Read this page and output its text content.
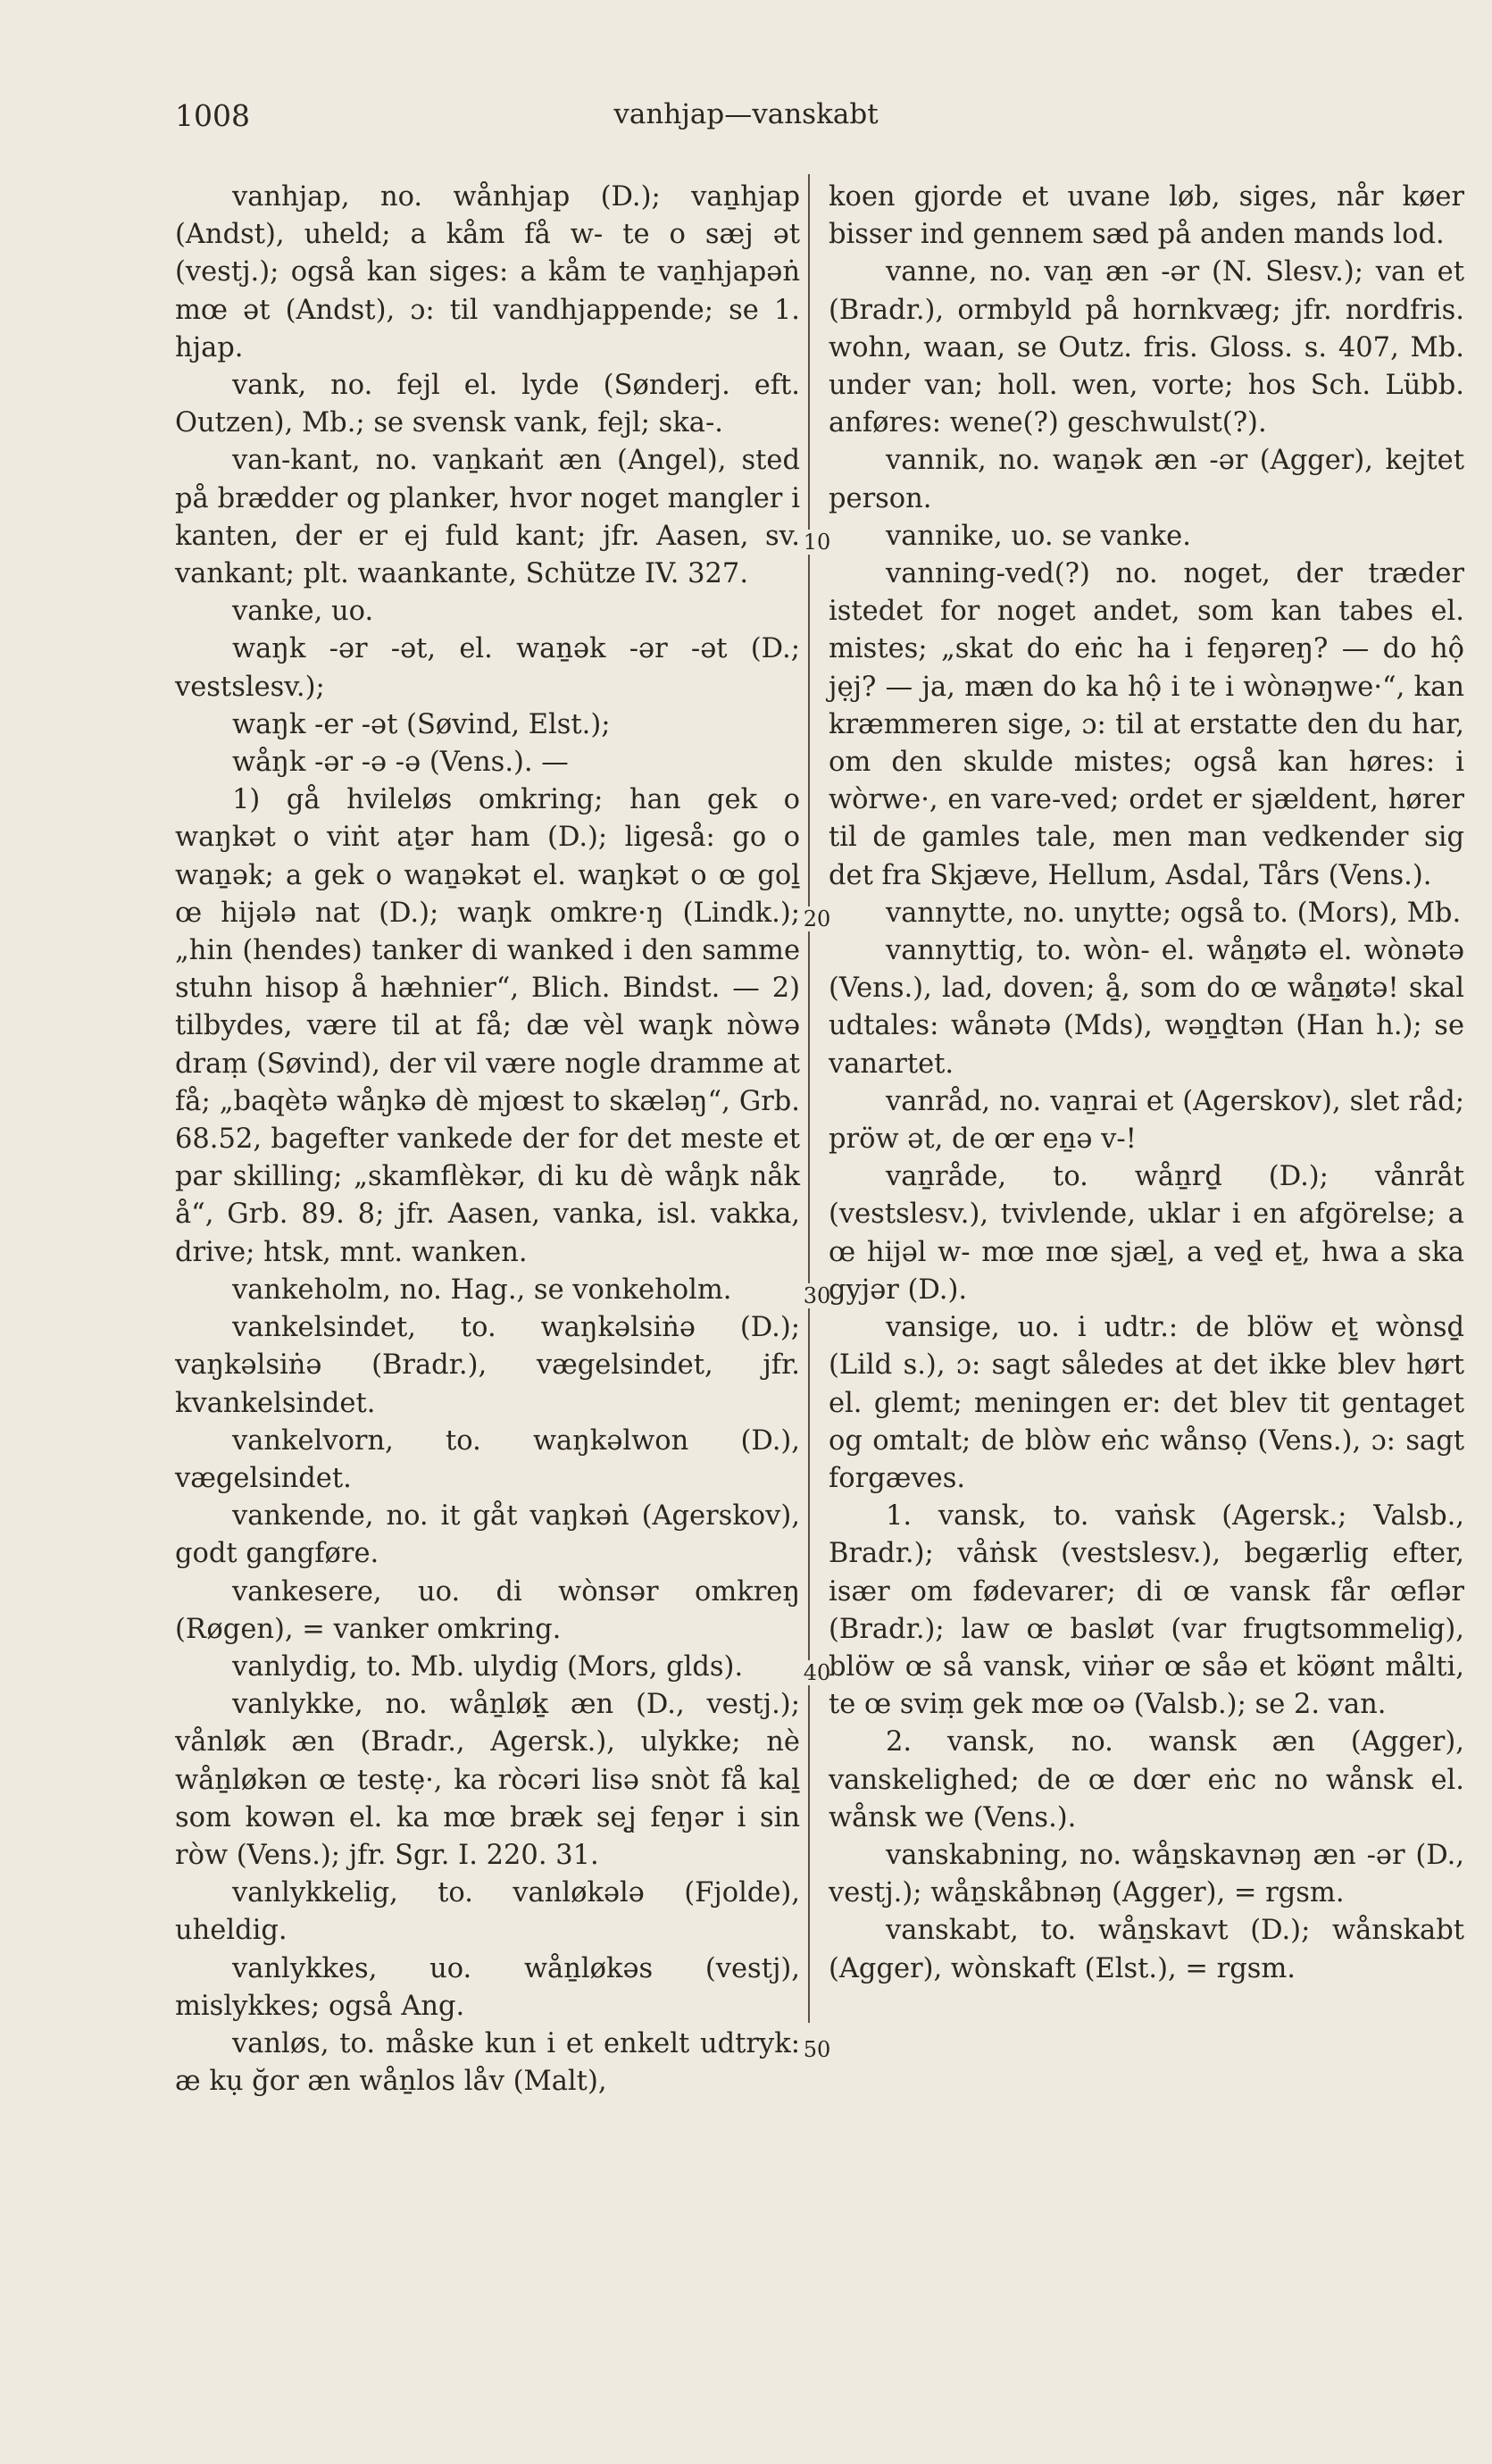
1008	vanhjap—vanskabt
10
20
30
40
50

vanhjap, no. wånhjap (D.); vaṉhjap (Andst), uheld; a kåm få w- te o sæj ət (vestj.); også kan siges: a kåm te vaṉhjapəṅ mœ ət (Andst), ɔ: til vandhjappende; se 1. hjap.

vank, no. fejl el. lyde (Sønderj. eft. Outzen), Mb.; se svensk vank, fejl; ska-.

van-kant, no. vaṉkaṅt æn (Angel), sted på brædder og planker, hvor noget mangler i kanten, der er ej fuld kant; jfr. Aasen, sv. vankant; plt. waankante, Schütze IV. 327.

vanke, uo.

waŋk -ər -ət, el. waṉək -ər -ət (D.; vestslesv.);

waŋk -er -ət (Søvind, Elst.);

wåŋk -ər -ə -ə (Vens.). —

1) gå hvileløs omkring; han gek o waŋkət o viṅt aṯər ham (D.); ligeså: go o waṉək; a gek o waṉəkət el. waŋkət o œ goḻ œ hijələ nat (D.); waŋk omkre·ŋ (Lindk.); „hin (hendes) tanker di wanked i den samme stuhn hisop å hæhnier“, Blich. Bindst. — 2) tilbydes, være til at få; dæ vèl waŋk nòwə draṃ (Søvind), der vil være nogle dramme at få; „baqètə wåŋkə dè mjœst to skæləŋ“, Grb. 68.52, bagefter vankede der for det meste et par skilling; „skamflèkər, di ku dè wåŋk nåk å“, Grb. 89. 8; jfr. Aasen, vanka, isl. vakka, drive; htsk, mnt. wanken.

vankeholm, no. Hag., se vonkeholm.

vankelsindet, to. waŋkəlsiṅə (D.); vaŋkəlsiṅə (Bradr.), vægelsindet, jfr. kvankelsindet.

vankelvorn, to. waŋkəlwon (D.), vægelsindet.

vankende, no. it gåt vaŋkəṅ (Agerskov), godt gangføre.

vankesere, uo. di wònsər omkreŋ (Røgen), = vanker omkring.

vanlydig, to. Mb. ulydig (Mors, glds).

vanlykke, no. wåṉløḵ æn (D., vestj.); vånløk æn (Bradr., Agersk.), ulykke; nè wåṉløkən œ testẹ·, ka ròcəri lisə snòt få kaḻ som kowən el. ka mœ bræk seʝ feŋər i sin ròw (Vens.); jfr. Sgr. I. 220. 31.

vanlykkelig, to. vanløkələ (Fjolde), uheldig.

vanlykkes, uo. wåṉløkəs (vestj), mislykkes; også Ang.

vanløs, to. måske kun i et enkelt udtryk: æ kụ ğor æn wåṉlos låv (Malt),

koen gjorde et uvane løb, siges, når køer bisser ind gennem sæd på anden mands lod.

vanne, no. vaṉ æn -ər (N. Slesv.); van et (Bradr.), ormbyld på hornkvæg; jfr. nordfris. wohn, waan, se Outz. fris. Gloss. s. 407, Mb. under van; holl. wen, vorte; hos Sch. Lübb. anføres: wene(?) geschwulst(?).

vannik, no. waṉək æn -ər (Agger), kejtet person.

vannike, uo. se vanke.

vanning-ved(?) no. noget, der træder istedet for noget andet, som kan tabes el. mistes; „skat do eṅc ha i feŋəreŋ? — do hộ jẹj? — ja, mæn do ka hộ i te i wònəŋwe·“, kan kræmmeren sige, ɔ: til at erstatte den du har, om den skulde mistes; også kan høres: i wòrwe·, en vare-ved; ordet er sjældent, hører til de gamles tale, men man vedkender sig det fra Skjæve, Hellum, Asdal, Tårs (Vens.).

vannytte, no. unytte; også to. (Mors), Mb.

vannyttig, to. wòn- el. wåṉøtə el. wònətə (Vens.), lad, doven; å̱, som do œ wåṉøtə! skal udtales: wånətə (Mds), wəṉḏtən (Han h.); se vanartet.

vanråd, no. vaṉrai et (Agerskov), slet råd; pröw ət, de œr eṉə v-!

vaṉråde, to. wåṉrḏ (D.); vånråt (vestslesv.), tvivlende, uklar i en afgörelse; a œ hijəl w- mœ ɪnœ sjæḻ, a veḏ eṯ, hwa a ska gyjər (D.).

vansige, uo. i udtr.: de blöw eṯ wònsḏ (Lild s.), ɔ: sagt således at det ikke blev hørt el. glemt; meningen er: det blev tit gentaget og omtalt; de blòw eṅc wånsọ (Vens.), ɔ: sagt forgæves.

1. vansk, to. vaṅsk (Agersk.; Valsb., Bradr.); våṅsk (vestslesv.), begærlig efter, især om fødevarer; di œ vansk får œflər (Bradr.); law œ basløt (var frugtsommelig), blöw œ så vansk, viṅər œ såə et köønt målti, te œ sviṃ gek mœ oə (Valsb.); se 2. van.

2. vansk, no. wansk æn (Agger), vanskelighed; de œ dœr eṅc no wånsk el. wånsk we (Vens.).

vanskabning, no. wåṉskavnəŋ æn -ər (D., vestj.); wåṉskåbnəŋ (Agger), = rgsm.

vanskabt, to. wåṉskavt (D.); wånskabt (Agger), wònskaft (Elst.), = rgsm.
